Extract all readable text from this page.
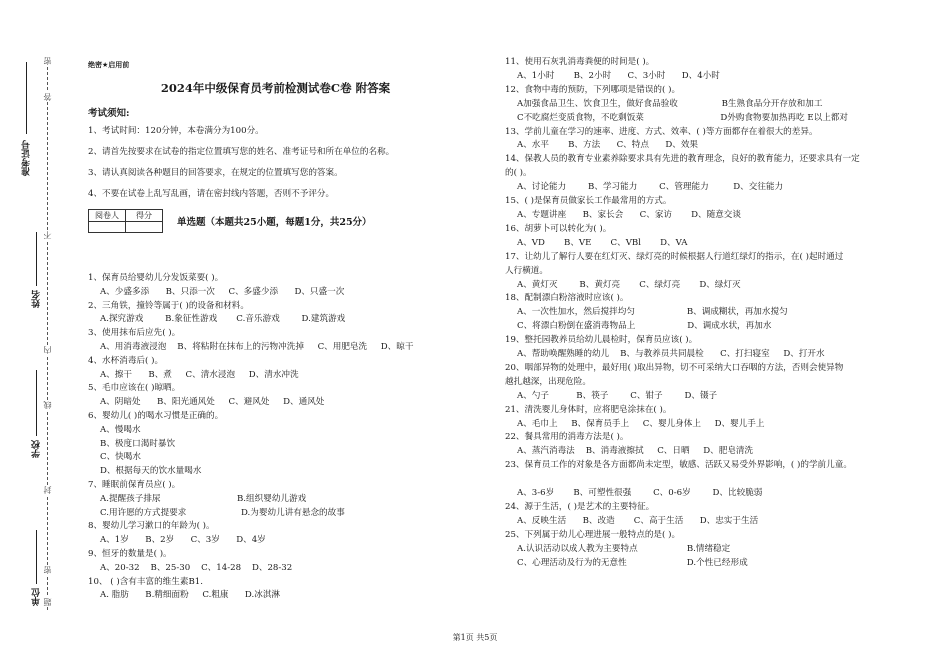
密
不
内
线
封
密
题
答
准考证号
姓名
学校
单位
绝密★启用前
2024年中级保育员考前检测试卷C卷 附答案
考试须知:
1、考试时间：120分钟，本卷满分为100分。
2、请首先按要求在试卷的指定位置填写您的姓名、准考证号和所在单位的名称。
3、请认真阅读各种题目的回答要求，在规定的位置填写您的答案。
4、不要在试卷上乱写乱画，请在密封线内答题，否则不予评分。
阅卷人	得分

单选题（本题共25小题，每题1分，共25分）
1、保育员给婴幼儿分发饭菜要( )。
A、少盛多添      B、只添一次     C、多盛少添      D、只盛一次
2、三角铁，撞铃等属于( )的设备和材料。
A.探究游戏        B.象征性游戏       C.音乐游戏        D.建筑游戏
3、使用抹布后应先( )。
A、用消毒液浸泡    B、将粘附在抹布上的污物冲洗掉     C、用肥皂洗     D、晾干
4、水杯消毒后( )。
A、擦干      B、煮     C、清水浸泡     D、清水冲洗
5、毛巾应该在( )晾晒。
A、阴暗处      B、阳光通风处     C、避风处     D、通风处
6、婴幼儿( )的喝水习惯是正确的。
A、慢喝水
B、极度口渴时暴饮
C、快喝水
D、根据每天的饮水量喝水
7、睡眠前保育员应( )。
A.提醒孩子排尿                            B.组织婴幼儿游戏
C.用许愿的方式提要求                    D.为婴幼儿讲有悬念的故事
8、婴幼儿学习漱口的年龄为( )。
A、1岁      B、2岁      C、3岁      D、4岁
9、恒牙的数量是( )。
A、20-32    B、25-30    C、14-28    D、28-32
10、 ( )含有丰富的维生素B1.
A. 脂肪      B.精细面粉     C.粗康      D.冰淇淋
11、使用石灰乳消毒粪便的时间是( )。
A、1小时       B、2小时      C、3小时      D、4小时
12、食物中毒的预防，下列哪项是错误的( )。
A加强食品卫生、饮食卫生，做好食品验收                B生熟食品分开存放和加工
C不吃腐烂变质食物，不吃剩饭菜                            D外购食物要加热再吃 E以上都对
13、学前儿童在学习的速率、进度、方式、效率、( )等方面都存在着很大的差异。
A、水平       B、方法      C、特点      D、效果
14、保教人员的教育专业素养除要求具有先进的教育理念，良好的教育能力，还要求具有一定
的( )。
A、讨论能力        B、学习能力        C、管理能力         D、交往能力
15、( )是保育员做家长工作最常用的方式。
A、专题讲座      B、家长会      C、家访       D、随意交谈
16、胡萝卜可以转化为( )。
A、VD       B、VE       C、VBl       D、VA
17、让幼儿了解行人要在红灯灭、绿灯亮的时候根据人行道红绿灯的指示，在( )起时通过
人行横道。
A、黄灯灭        B、黄灯亮       C、绿灯亮       D、绿灯灭
18、配制漂白粉溶液时应该( )。
A、一次性加水，然后搅拌均匀                   B、调成糊状，再加水搅匀
C、将漂白粉倒在盛消毒物品上                   D、调成水状，再加水
19、整托园教养员给幼儿晨检时，保育员应该( )。
A、帮助唤醒熟睡的幼儿    B、与教养员共同晨检      C、打扫寝室     D、打开水
20、咽部异物的处理中，最好用( )取出异物，切不可采纳大口吞咽的方法，否则会使异物
越扎越深，出现危险。
A、勺子          B、筷子        C、钳子        D、镊子
21、清洗婴儿身体时，应将肥皂涂抹在( )。
A、毛巾上     B、保育员手上     C、婴儿身体上     D、婴儿手上
22、餐具常用的消毒方法是( )。
A、蒸汽消毒法    B、消毒液擦拭     C、日晒     D、肥皂清洗
23、保育员工作的对象是各方面都尚未定型，敏感、活跃又易受外界影响，( )的学前儿童。

A、3-6岁       B、可塑性很强        C、0-6岁        D、比较脆弱
24、源于生活，( )是艺术的主要特征。
A、反映生活      B、改造       C、高于生活      D、忠实于生活
25、下列属于幼儿心理进展一般特点的是( )。
A.认识活动以成人教为主要特点                  B.情绪稳定
C、心理活动及行为的无意性                      D.个性已经形成
第1页 共5页
